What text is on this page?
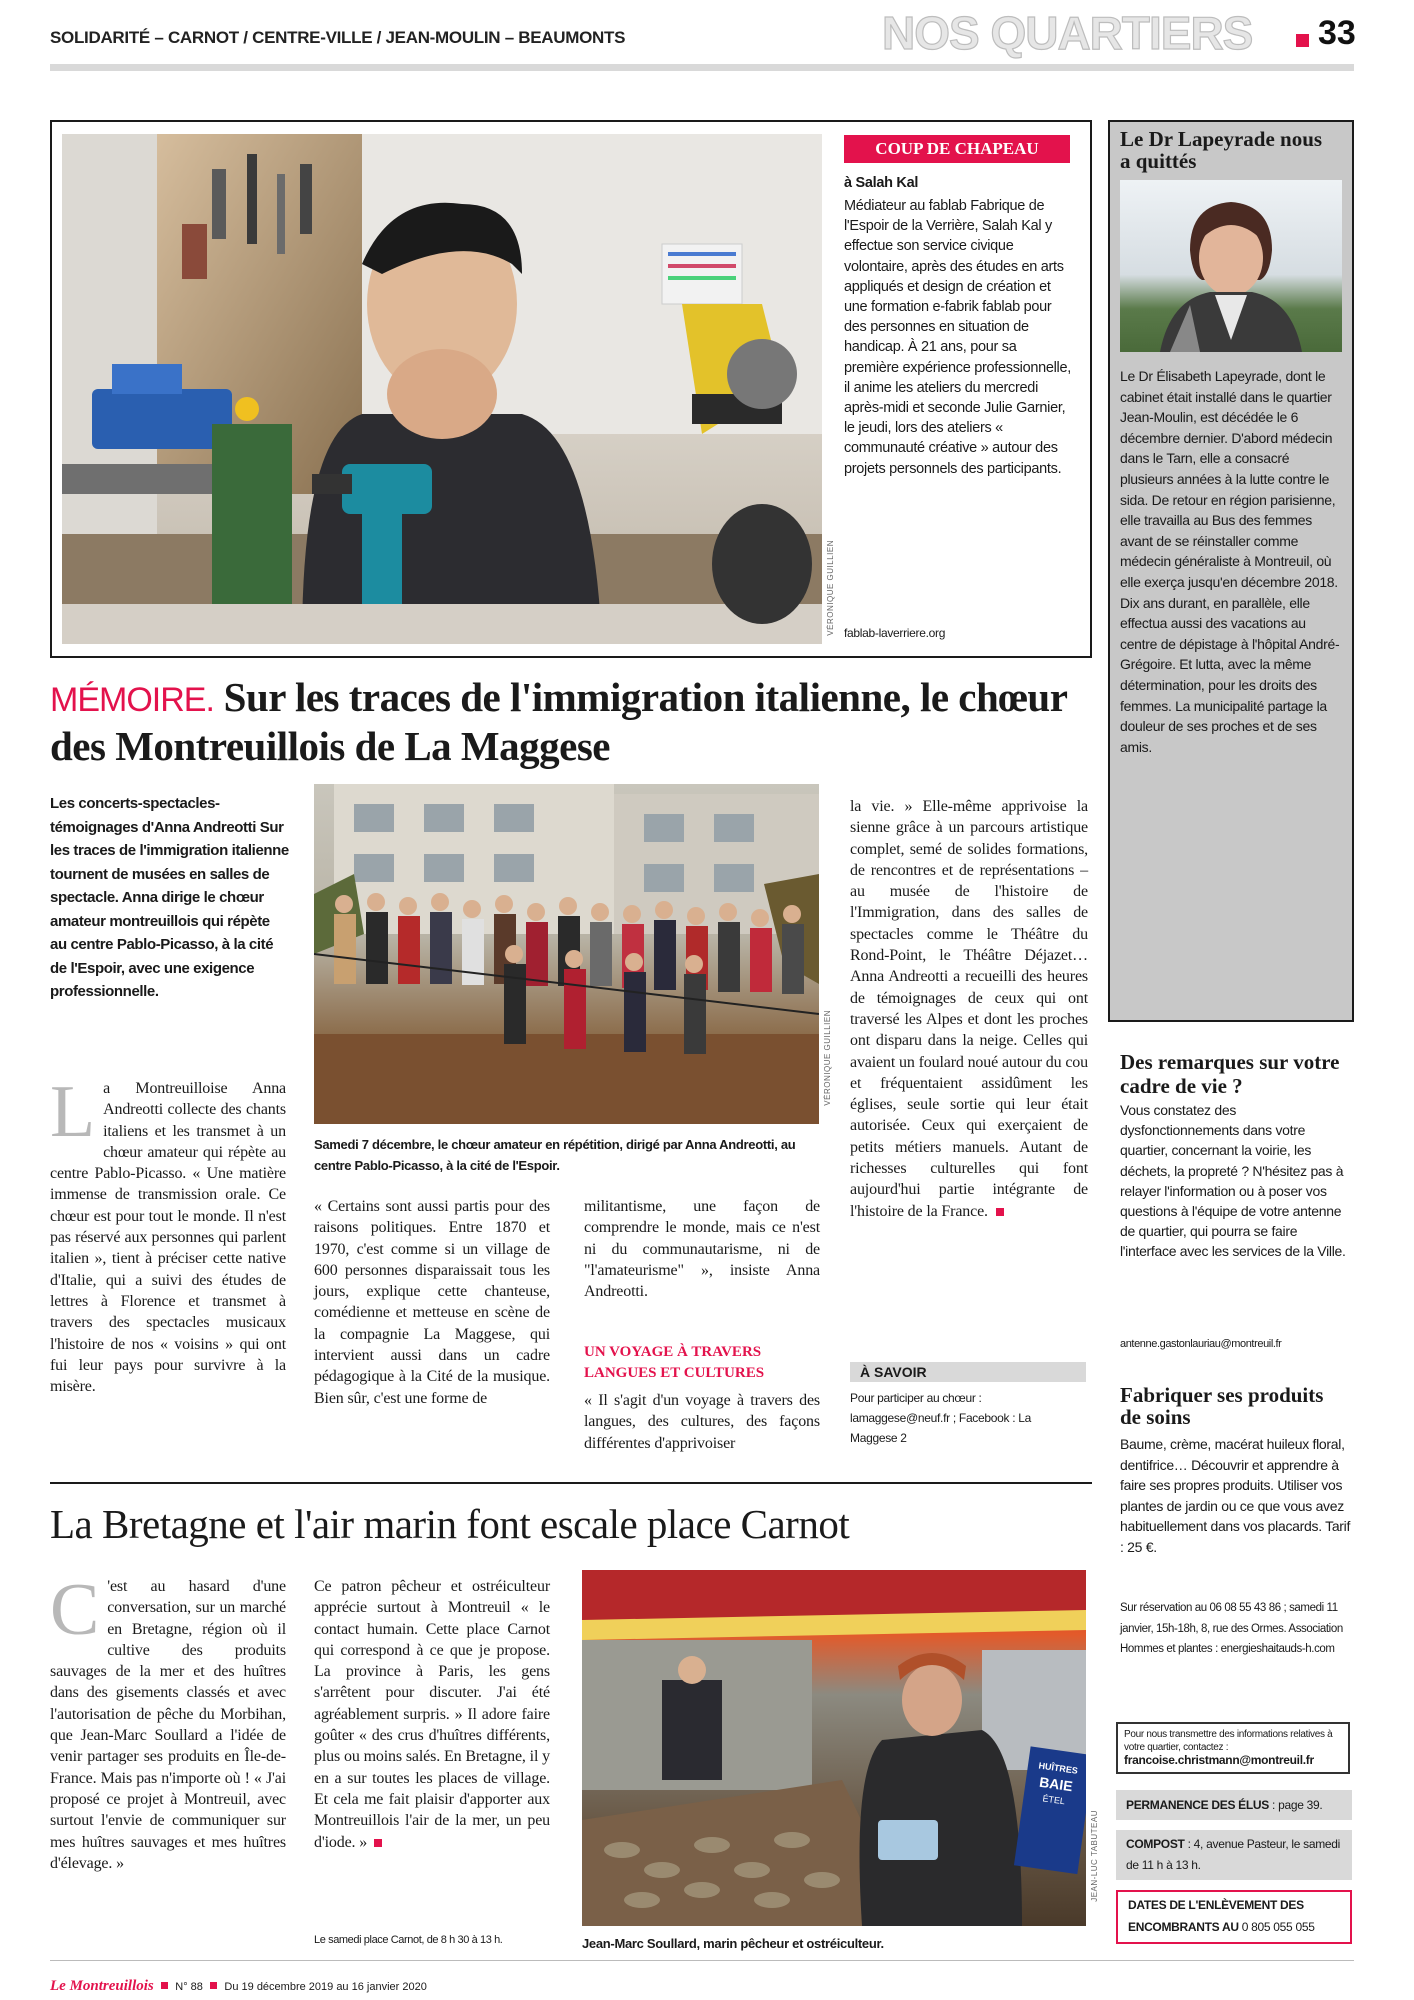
SOLIDARITÉ – CARNOT / CENTRE-VILLE / JEAN-MOULIN – BEAUMONTS	NOS QUARTIERS 33
VÉRONIQUE GUILLIEN
COUP DE CHAPEAU
à Salah Kal
Médiateur au fablab Fabrique de l'Espoir de la Verrière, Salah Kal y effectue son service civique volontaire, après des études en arts appliqués et design de création et une formation e-fabrik fablab pour des personnes en situation de handicap. À 21 ans, pour sa première expérience professionnelle, il anime les ateliers du mercredi après-midi et seconde Julie Garnier, le jeudi, lors des ateliers « communauté créative » autour des projets personnels des participants.
fablab-laverriere.org
Le Dr Lapeyrade nous a quittés
Le Dr Élisabeth Lapeyrade, dont le cabinet était installé dans le quartier Jean-Moulin, est décédée le 6 décembre dernier. D'abord médecin dans le Tarn, elle a consacré plusieurs années à la lutte contre le sida. De retour en région parisienne, elle travailla au Bus des femmes avant de se réinstaller comme médecin généraliste à Montreuil, où elle exerça jusqu'en décembre 2018. Dix ans durant, en parallèle, elle effectua aussi des vacations au centre de dépistage à l'hôpital André-Grégoire. Et lutta, avec la même détermination, pour les droits des femmes. La municipalité partage la douleur de ses proches et de ses amis.
MÉMOIRE. Sur les traces de l'immigration italienne, le chœur des Montreuillois de La Maggese
Les concerts-spectacles-témoignages d'Anna Andreotti Sur les traces de l'immigration italienne tournent de musées en salles de spectacle. Anna dirige le chœur amateur montreuillois qui répète au centre Pablo-Picasso, à la cité de l'Espoir, avec une exigence professionnelle.
La Montreuilloise Anna Andreotti collecte des chants italiens et les transmet à un chœur amateur qui répète au centre Pablo-Picasso. « Une matière immense de transmission orale. Ce chœur est pour tout le monde. Il n'est pas réservé aux personnes qui parlent italien », tient à préciser cette native d'Italie, qui a suivi des études de lettres à Florence et transmet à travers des spectacles musicaux l'histoire de nos « voisins » qui ont fui leur pays pour survivre à la misère.
VÉRONIQUE GUILLIEN
Samedi 7 décembre, le chœur amateur en répétition, dirigé par Anna Andreotti, au centre Pablo-Picasso, à la cité de l'Espoir.
« Certains sont aussi partis pour des raisons politiques. Entre 1870 et 1970, c'est comme si un village de 600 personnes disparaissait tous les jours, explique cette chanteuse, comédienne et metteuse en scène de la compagnie La Maggese, qui intervient aussi dans un cadre pédagogique à la Cité de la musique. Bien sûr, c'est une forme de
militantisme, une façon de comprendre le monde, mais ce n'est ni du communautarisme, ni de "l'amateurisme" », insiste Anna Andreotti.
UN VOYAGE À TRAVERS LANGUES ET CULTURES
« Il s'agit d'un voyage à travers des langues, des cultures, des façons différentes d'apprivoiser
la vie. » Elle-même apprivoise la sienne grâce à un parcours artistique complet, semé de solides formations, de rencontres et de représentations – au musée de l'histoire de l'Immigration, dans des salles de spectacles comme le Théâtre du Rond-Point, le Théâtre Déjazet… Anna Andreotti a recueilli des heures de témoignages de ceux qui ont traversé les Alpes et dont les proches ont disparu dans la neige. Celles qui avaient un foulard noué autour du cou et fréquentaient assidûment les églises, seule sortie qui leur était autorisée. Ceux qui exerçaient de petits métiers manuels. Autant de richesses culturelles qui font aujourd'hui partie intégrante de l'histoire de la France.
À SAVOIR
Pour participer au chœur : lamaggese@neuf.fr ; Facebook : La Maggese 2
Des remarques sur votre cadre de vie ?
Vous constatez des dysfonctionnements dans votre quartier, concernant la voirie, les déchets, la propreté ? N'hésitez pas à relayer l'information ou à poser vos questions à l'équipe de votre antenne de quartier, qui pourra se faire l'interface avec les services de la Ville.
antenne.gastonlauriau@montreuil.fr
Fabriquer ses produits de soins
Baume, crème, macérat huileux floral, dentifrice… Découvrir et apprendre à faire ses propres produits. Utiliser vos plantes de jardin ou ce que vous avez habituellement dans vos placards. Tarif : 25 €.
Sur réservation au 06 08 55 43 86 ; samedi 11 janvier, 15h-18h, 8, rue des Ormes. Association Hommes et plantes : energieshaitauds-h.com
Pour nous transmettre des informations relatives à votre quartier, contactez :
francoise.christmann@montreuil.fr
PERMANENCE DES ÉLUS : page 39.
COMPOST : 4, avenue Pasteur, le samedi de 11 h à 13 h.
DATES DE L'ENLÈVEMENT DES ENCOMBRANTS AU 0 805 055 055
La Bretagne et l'air marin font escale place Carnot
C 'est au hasard d'une conversation, sur un marché en Bretagne, région où il cultive des produits sauvages de la mer et des huîtres dans des gisements classés et avec l'autorisation de pêche du Morbihan, que Jean-Marc Soullard a l'idée de venir partager ses produits en Île-de-France. Mais pas n'importe où ! « J'ai proposé ce projet à Montreuil, avec surtout l'envie de communiquer sur mes huîtres sauvages et mes huîtres d'élevage. »
Ce patron pêcheur et ostréiculteur apprécie surtout à Montreuil « le contact humain. Cette place Carnot qui correspond à ce que je propose. La province à Paris, les gens s'arrêtent pour discuter. J'ai été agréablement surpris. » Il adore faire goûter « des crus d'huîtres différents, plus ou moins salés. En Bretagne, il y en a sur toutes les places de village. Et cela me fait plaisir d'apporter aux Montreuillois l'air de la mer, un peu d'iode. »
Le samedi place Carnot, de 8 h 30 à 13 h.
HUÎTRES
BAIE
ÉTEL
JEAN-LUC TABUTEAU
Jean-Marc Soullard, marin pêcheur et ostréiculteur.
Le Montreuillois N° 88 Du 19 décembre 2019 au 16 janvier 2020
